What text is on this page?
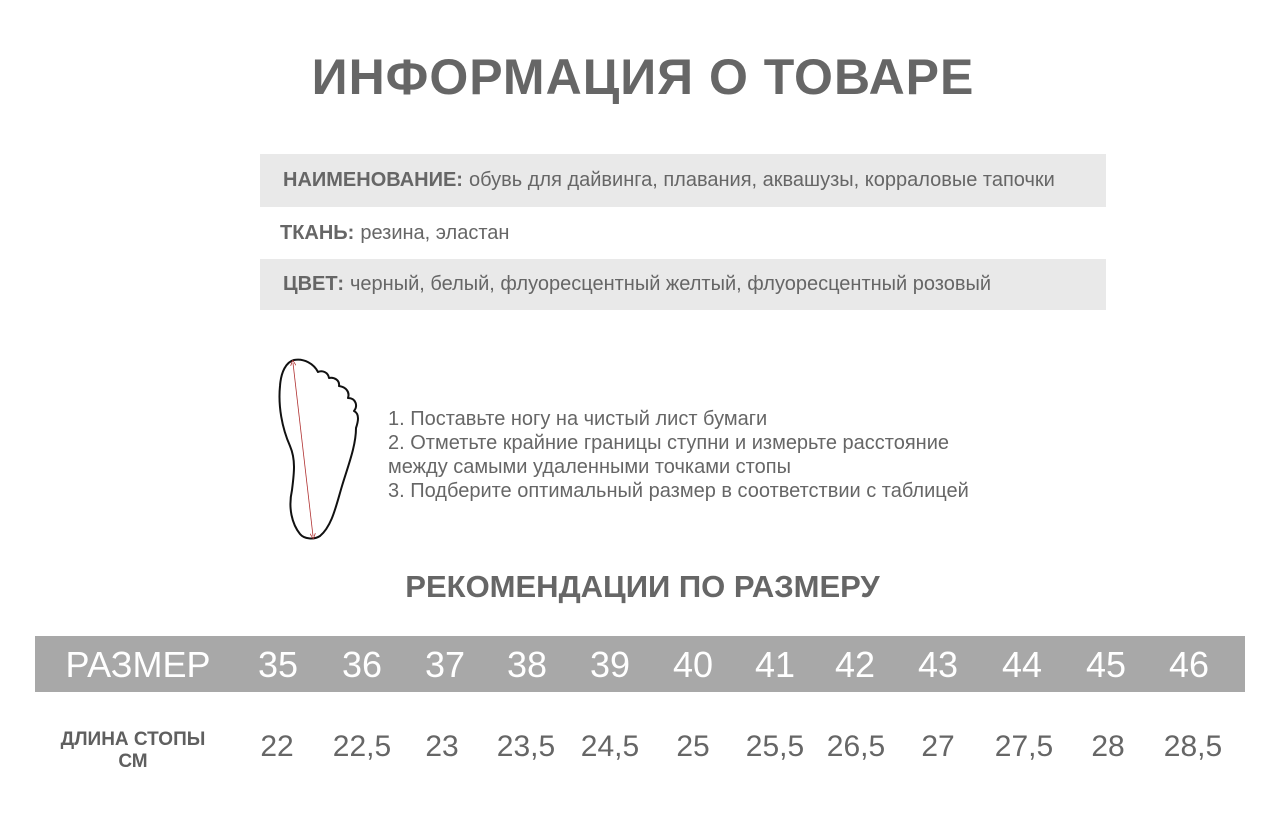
ИНФОРМАЦИЯ О ТОВАРЕ
НАИМЕНОВАНИЕ: обувь для дайвинга, плавания, аквашузы, корраловые тапочки
ТКАНЬ: резина, эластан
ЦВЕТ: черный, белый, флуоресцентный желтый, флуоресцентный розовый
1. Поставьте ногу на чистый лист бумаги
2. Отметьте крайние границы ступни и измерьте расстояние
между самыми удаленными точками стопы
3. Подберите оптимальный размер в соответствии с таблицей
РЕКОМЕНДАЦИИ ПО РАЗМЕРУ
РАЗМЕР 35 36 37 38 39 40 41 42 43 44 45 46
ДЛИНА СТОПЫ
СМ	22 22,5 23 23,5 24,5 25 25,5 26,5 27 27,5 28 28,5
